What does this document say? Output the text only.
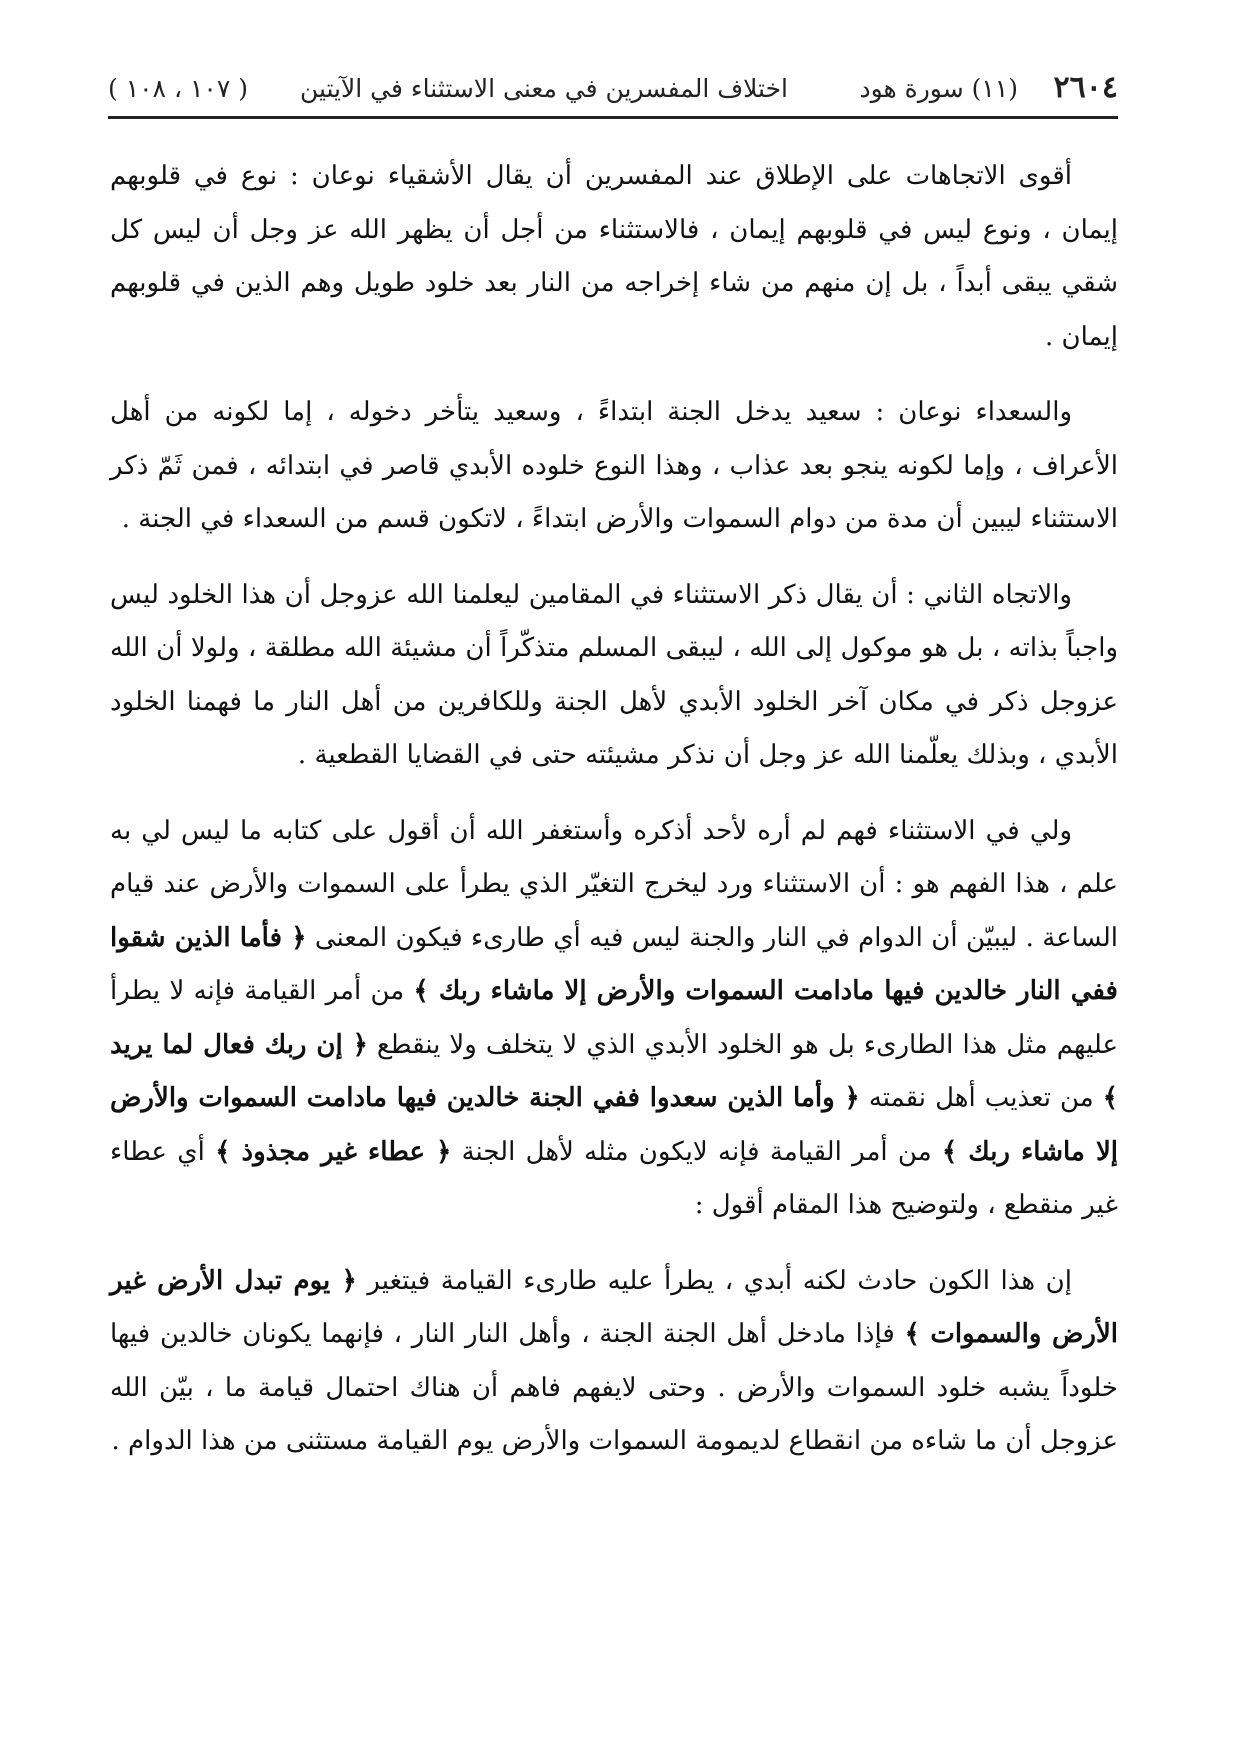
٢٦٠٤
(١١) سورة هود
اختلاف المفسرين في معنى الاستثناء في الآيتين
( ١٠٧ ، ١٠٨ )

أقوى الاتجاهات على الإطلاق عند المفسرين أن يقال الأشقياء نوعان : نوع في قلوبهم إيمان ، ونوع ليس في قلوبهم إيمان ، فالاستثناء من أجل أن يظهر الله عز وجل أن ليس كل شقي يبقى أبداً ، بل إن منهم من شاء إخراجه من النار بعد خلود طويل وهم الذين في قلوبهم إيمان .

والسعداء نوعان : سعيد يدخل الجنة ابتداءً ، وسعيد يتأخر دخوله ، إما لكونه من أهل الأعراف ، وإما لكونه ينجو بعد عذاب ، وهذا النوع خلوده الأبدي قاصر في ابتدائه ، فمن ثَمّ ذكر الاستثناء ليبين أن مدة من دوام السموات والأرض ابتداءً ، لاتكون قسم من السعداء في الجنة .

والاتجاه الثاني : أن يقال ذكر الاستثناء في المقامين ليعلمنا الله عزوجل أن هذا الخلود ليس واجباً بذاته ، بل هو موكول إلى الله ، ليبقى المسلم متذكّراً أن مشيئة الله مطلقة ، ولولا أن الله عزوجل ذكر في مكان آخر الخلود الأبدي لأهل الجنة وللكافرين من أهل النار ما فهمنا الخلود الأبدي ، وبذلك يعلّمنا الله عز وجل أن نذكر مشيئته حتى في القضايا القطعية .

ولي في الاستثناء فهم لم أره لأحد أذكره وأستغفر الله أن أقول على كتابه ما ليس لي به علم ، هذا الفهم هو : أن الاستثناء ورد ليخرج التغيّر الذي يطرأ على السموات والأرض عند قيام الساعة . ليبيّن أن الدوام في النار والجنة ليس فيه أي طارىء فيكون المعنى ﴿ فأما الذين شقوا ففي النار خالدين فيها مادامت السموات والأرض إلا ماشاء ربك ﴾ من أمر القيامة فإنه لا يطرأ عليهم مثل هذا الطارىء بل هو الخلود الأبدي الذي لا يتخلف ولا ينقطع ﴿ إن ربك فعال لما يريد ﴾ من تعذيب أهل نقمته ﴿ وأما الذين سعدوا ففي الجنة خالدين فيها مادامت السموات والأرض إلا ماشاء ربك ﴾ من أمر القيامة فإنه لايكون مثله لأهل الجنة ﴿ عطاء غير مجذوذ ﴾ أي عطاء غير منقطع ، ولتوضيح هذا المقام أقول :

إن هذا الكون حادث لكنه أبدي ، يطرأ عليه طارىء القيامة فيتغير ﴿ يوم تبدل الأرض غير الأرض والسموات ﴾ فإذا مادخل أهل الجنة الجنة ، وأهل النار النار ، فإنهما يكونان خالدين فيها خلوداً يشبه خلود السموات والأرض . وحتى لايفهم فاهم أن هناك احتمال قيامة ما ، بيّن الله عزوجل أن ما شاءه من انقطاع لديمومة السموات والأرض يوم القيامة مستثنى من هذا الدوام .
